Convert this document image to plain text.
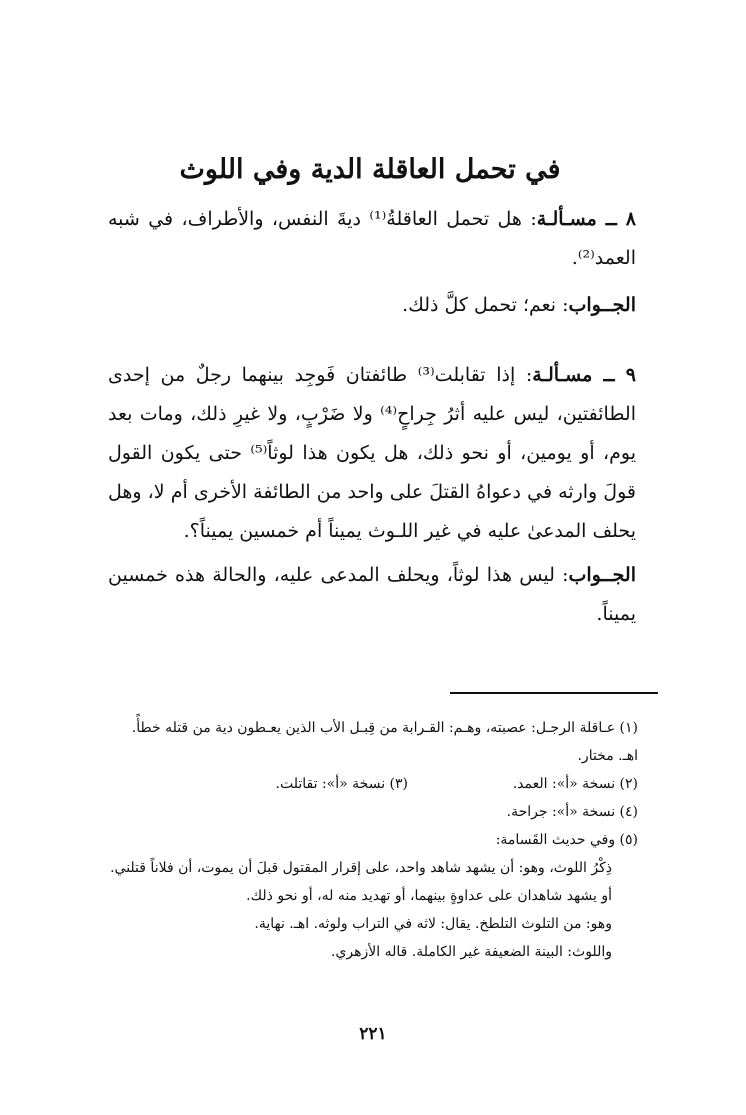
في تحمل العاقلة الدية وفي اللوث
٨ ــ مسـألـة: هل تحمل العاقلةُ⁽¹⁾ ديةَ النفس، والأطراف، في شبه العمد⁽²⁾.
الجــواب: نعم؛ تحمل كلَّ ذلك.
٩ ــ مسـألـة: إذا تقابلت⁽³⁾ طائفتان فَوجِد بينهما رجلٌ من إحدى الطائفتين، ليس عليه أثرُ جِراحٍ⁽⁴⁾ ولا ضَرْبٍ، ولا غيرِ ذلك، ومات بعد يوم، أو يومين، أو نحو ذلك، هل يكون هذا لوثاً⁽⁵⁾ حتى يكون القول قولَ وارثه في دعواهُ القتلَ على واحد من الطائفة الأخرى أم لا، وهل يحلف المدعىٰ عليه في غير اللـوث يميناً أم خمسين يميناً؟.
الجــواب: ليس هذا لوثاً، ويحلف المدعى عليه، والحالة هذه خمسين يميناً.

(١) عـاقلة الرجـل: عصبته، وهـم: القـرابة من قِبـل الأب الذين يعـطون دية من قتله خطأً. اهـ. مختار.

(٢) نسخة «أ»: العمد.
(٣) نسخة «أ»: تقاتلت.

(٤) نسخة «أ»: جراحة.

(٥) وفي حديث القَسامة:

ذِكْرُ اللوث، وهو: أن يشهد شاهد واحد، على إقرار المقتول قبلَ أن يموت، أن فلاناً قتلني.

أو يشهد شاهدان على عداوةٍ بينهما، أو تهديد منه له، أو نحو ذلك.

وهو: من التلوث التلطخ. يقال: لاثه في التراب ولوثه. اهـ. نهاية.

واللوث: البينة الضعيفة غير الكاملة. قاله الأزهري.

٢٢١
